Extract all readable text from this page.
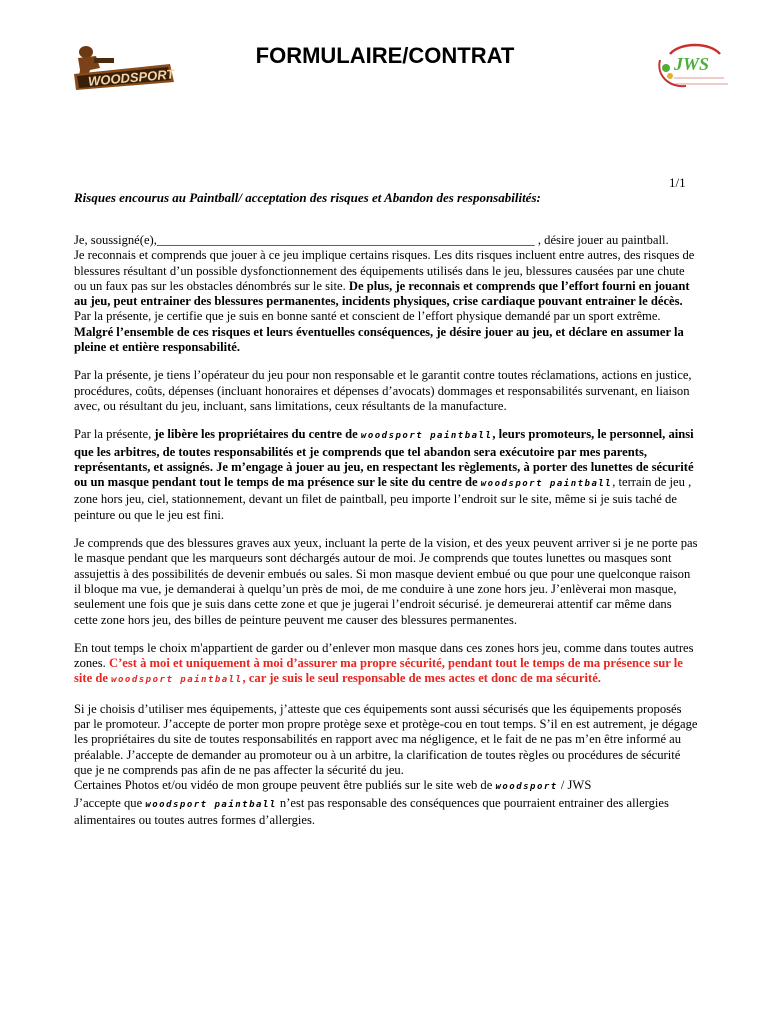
WOODSPORT
FORMULAIRE/CONTRAT	JWS
1/1
Risques encourus au Paintball/ acceptation des risques et Abandon des responsabilités:

Je, soussigné(e),____________________________________________________________ , désire jouer au paintball.
Je reconnais et comprends que jouer à ce jeu implique certains risques. Les dits risques incluent entre autres, des risques de blessures résultant d’un possible dysfonctionnement des équipements utilisés dans le jeu, blessures causées par une chute ou un faux pas sur les obstacles dénombrés sur le site. De plus, je reconnais et comprends que l’effort fourni en jouant au jeu, peut entrainer des blessures permanentes, incidents physiques, crise cardiaque pouvant entrainer le décès. Par la présente, je certifie que je suis en bonne santé et conscient de l’effort physique demandé par un sport extrême. Malgré l’ensemble de ces risques et leurs éventuelles conséquences, je désire jouer au jeu, et déclare en assumer la pleine et entière responsabilité.

Par la présente, je tiens l’opérateur du jeu pour non responsable et le garantit contre toutes réclamations, actions en justice, procédures, coûts, dépenses (incluant honoraires et dépenses d’avocats) dommages et responsabilités survenant, en liaison avec, ou résultant du jeu, incluant, sans limitations, ceux résultants de la manufacture.

Par la présente, je libère les propriétaires du centre de woodsport paintball, leurs promoteurs, le personnel, ainsi que les arbitres, de toutes responsabilités et je comprends que tel abandon sera exécutoire par mes parents, représentants, et assignés. Je m’engage à jouer au jeu, en respectant les règlements, à porter des lunettes de sécurité ou un masque pendant tout le temps de ma présence sur le site du centre de woodsport paintball, terrain de jeu , zone hors jeu, ciel, stationnement, devant un filet de paintball, peu importe l’endroit sur le site, même si je suis taché de peinture ou que le jeu est fini.

Je comprends que des blessures graves aux yeux, incluant la perte de la vision, et des yeux peuvent arriver si je ne porte pas le masque pendant que les marqueurs sont déchargés autour de moi. Je comprends que toutes lunettes ou masques sont assujettis à des possibilités de devenir embués ou sales. Si mon masque devient embué ou que pour une quelconque raison il bloque ma vue, je demanderai à quelqu’un près de moi, de me conduire à une zone hors jeu. J’enlèverai mon masque, seulement une fois que je suis dans cette zone et que je jugerai l’endroit sécurisé. je demeurerai attentif car même dans cette zone hors jeu, des billes de peinture peuvent me causer des blessures permanentes.

En tout temps le choix m'appartient de garder ou d’enlever mon masque dans ces zones hors jeu, comme dans toutes autres zones. C’est à moi et uniquement à moi d’assurer ma propre sécurité, pendant tout le temps de ma présence sur le site de woodsport paintball, car je suis le seul responsable de mes actes et donc de ma sécurité.

Si je choisis d’utiliser mes équipements, j’atteste que ces équipements sont aussi sécurisés que les équipements proposés par le promoteur. J’accepte de porter mon propre protège sexe et protège-cou en tout temps. S’il en est autrement, je dégage les propriétaires du site de toutes responsabilités en rapport avec ma négligence, et le fait de ne pas m’en être informé au préalable. J’accepte de demander au promoteur ou à un arbitre, la clarification de toutes règles ou procédures de sécurité que je ne comprends pas afin de ne pas affecter la sécurité du jeu.
Certaines Photos et/ou vidéo de mon groupe peuvent être publiés sur le site web de woodsport / JWS
J’accepte que woodsport paintball n’est pas responsable des conséquences que pourraient entrainer des allergies alimentaires ou toutes autres formes d’allergies.
